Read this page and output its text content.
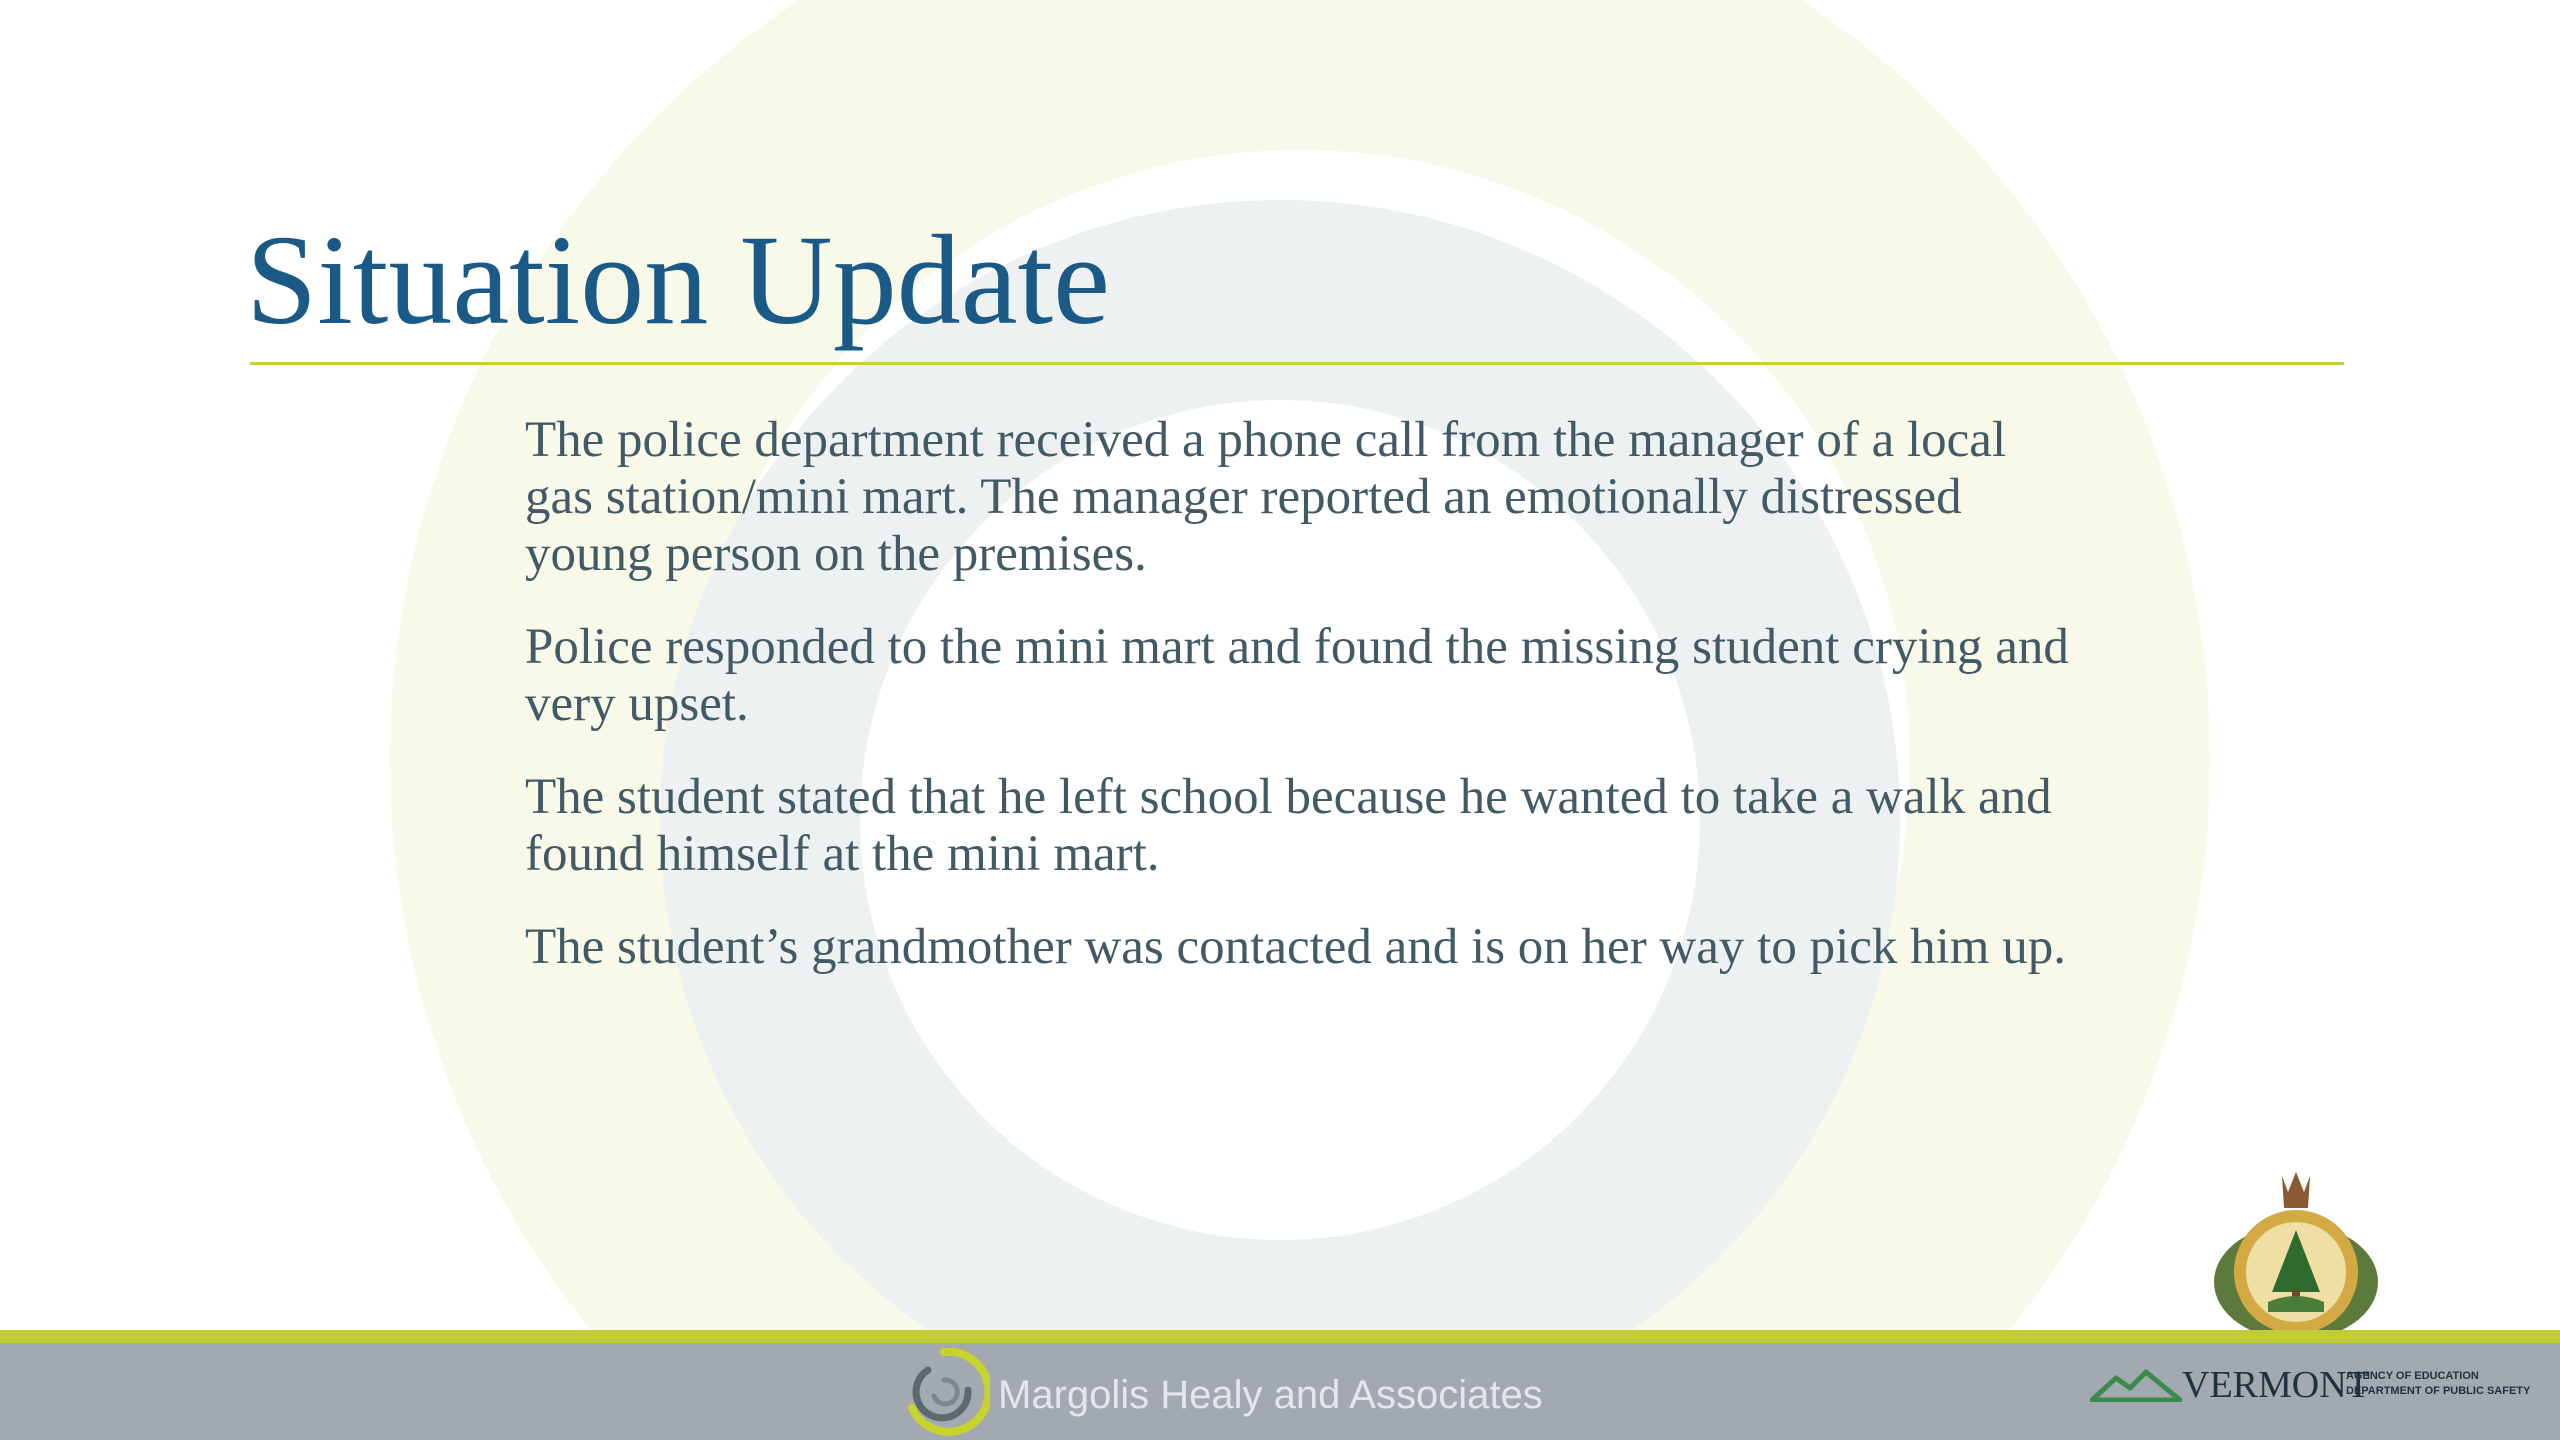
Situation Update

The police department received a phone call from the manager of a local gas station/mini mart. The manager reported an emotionally distressed young person on the premises.

Police responded to the mini mart and found the missing student crying and very upset.

The student stated that he left school because he wanted to take a walk and found himself at the mini mart.

The student’s grandmother was contacted and is on her way to pick him up.

Margolis Healy and Associates	VERMONT
AGENCY OF EDUCATION
DEPARTMENT OF PUBLIC SAFETY
